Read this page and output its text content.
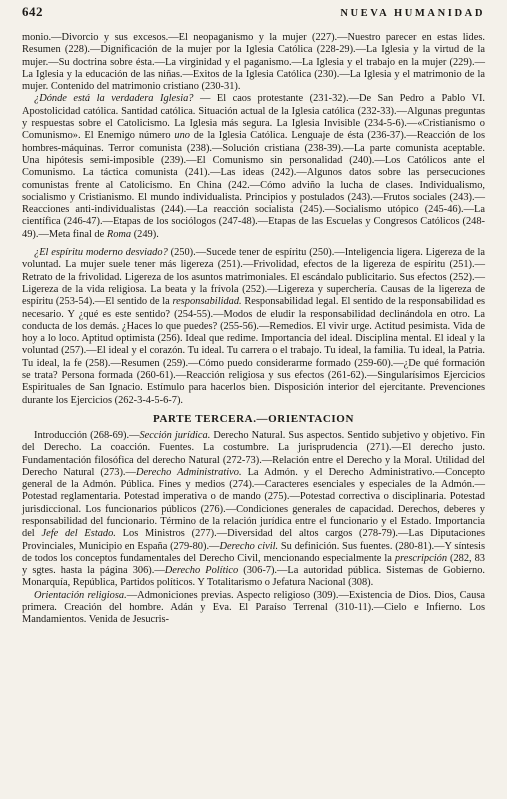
642	NUEVA HUMANIDAD

monio.—Divorcio y sus excesos.—El neopaganismo y la mujer (227).—Nuestro parecer en estas lides. Resumen (228).—Dignificación de la mujer por la Iglesia Católica (228-29).—La Iglesia y la virtud de la mujer.—Su doctrina sobre ésta.—La virginidad y el paganismo.—La Iglesia y el trabajo en la mujer (229).—La Iglesia y la educación de las niñas.—Exitos de la Iglesia Católica (230).—La Iglesia y el matrimonio de la mujer. Contenido del matrimonio cristiano (230-31).

¿Dónde está la verdadera Iglesia? — El caos protestante (231-32).—De San Pedro a Pablo VI. Apostolicidad católica. Santidad católica. Situación actual de la Iglesia católica (232-33).—Algunas preguntas y respuestas sobre el Catolicismo. La Iglesia más segura. La Iglesia Invisible (234-5-6).—«Cristianismo o Comunismo». El Enemigo número uno de la Iglesia Católica. Lenguaje de ésta (236-37).—Reacción de los hombres-máquinas. Terror comunista (238).—Solución cristiana (238-39).—La parte comunista aceptable. Una hipótesis semi-imposible (239).—El Comunismo sin personalidad (240).—Los Católicos ante el Comunismo. La táctica comunista (241).—Las ideas (242).—Algunos datos sobre las persecuciones comunistas frente al Catolicismo. En China (242.—Cómo adviño la lucha de clases. Individualismo, socialismo y Cristianismo. El mundo individualista. Principios y postulados (243).—Frutos sociales (243).—Reacciones anti-individualistas (244).—La reacción socialista (245).—Socialismo utópico (245-46).—La científica (246-47).—Etapas de los sociólogos (247-48).—Etapas de las Escuelas y Congresos Católicos (248-49).—Meta final de Roma (249).

¿El espíritu moderno desviado? (250).—Sucede tener de espíritu (250).—Inteligencia ligera. Ligereza de la voluntad. La mujer suele tener más ligereza (251).—Frivolidad, efectos de la ligereza de espíritu (251).—Retrato de la frivolidad. Ligereza de los asuntos matrimoniales. El escándalo publicitario. Sus efectos (252).—Ligereza de la vida religiosa. La beata y la frívola (252).—Ligereza y superchería. Causas de la ligereza de espíritu (253-54).—El sentido de la responsabilidad. Responsabilidad legal. El sentido de la responsabilidad es necesario. Y ¿qué es este sentido? (254-55).—Modos de eludir la responsabilidad declinándola en otro. La conducta de los demás. ¿Haces lo que puedes? (255-56).—Remedios. El vivir urge. Actitud pesimista. Vida de hoy a lo loco. Aptitud optimista (256). Ideal que redime. Importancia del ideal. Disciplina mental. El ideal y la voluntad (257).—El ideal y el corazón. Tu ideal. Tu carrera o el trabajo. Tu ideal, la familia. Tu ideal, la Patria. Tu ideal, la fe (258).—Resumen (259).—Cómo puedo considerarme formado (259-60).—¿De qué formación se trata? Persona formada (260-61).—Reacción religiosa y sus efectos (261-62).—Singularísimos Ejercicios Espirituales de San Ignacio. Estímulo para hacerlos bien. Disposición interior del ejercitante. Prevenciones durante los Ejercicios (262-3-4-5-6-7).

PARTE TERCERA.—ORIENTACION

Introducción (268-69).—Sección jurídica. Derecho Natural. Sus aspectos. Sentido subjetivo y objetivo. Fin del Derecho. La coacción. Fuentes. La costumbre. La jurisprudencia (271).—El derecho justo. Fundamentación filosófica del derecho Natural (272-73).—Relación entre el Derecho y la Moral. Utilidad del Derecho Natural (273).—Derecho Administrativo. La Admón. y el Derecho Administrativo.—Concepto general de la Admón. Pública. Fines y medios (274).—Caracteres esenciales y especiales de la Admón.—Potestad reglamentaria. Potestad imperativa o de mando (275).—Potestad correctiva o disciplinaria. Potestad jurisdiccional. Los funcionarios públicos (276).—Condiciones generales de capacidad. Derechos, deberes y responsabilidad del funcionario. Término de la relación jurídica entre el funcionario y el Estado. Importancia del Jefe del Estado. Los Ministros (277).—Diversidad del altos cargos (278-79).—Las Diputaciones Provinciales, Municipio en España (279-80).—Derecho civil. Su definición. Sus fuentes. (280-81).—Y síntesis de todos los conceptos fundamentales del Derecho Civil, mencionando especialmente la prescripción (282, 83 y sgtes. hasta la página 306).—Derecho Político (306-7).—La autoridad pública. Sistemas de Gobierno. Monarquía, República, Partidos políticos. Y Totalitarismo o Jefatura Nacional (308).

Orientación religiosa.—Admoniciones previas. Aspecto religioso (309).—Existencia de Dios. Dios, Causa primera. Creación del hombre. Adán y Eva. El Paraíso Terrenal (310-11).—Cielo e Infierno. Los Mandamientos. Venida de Jesucris-
